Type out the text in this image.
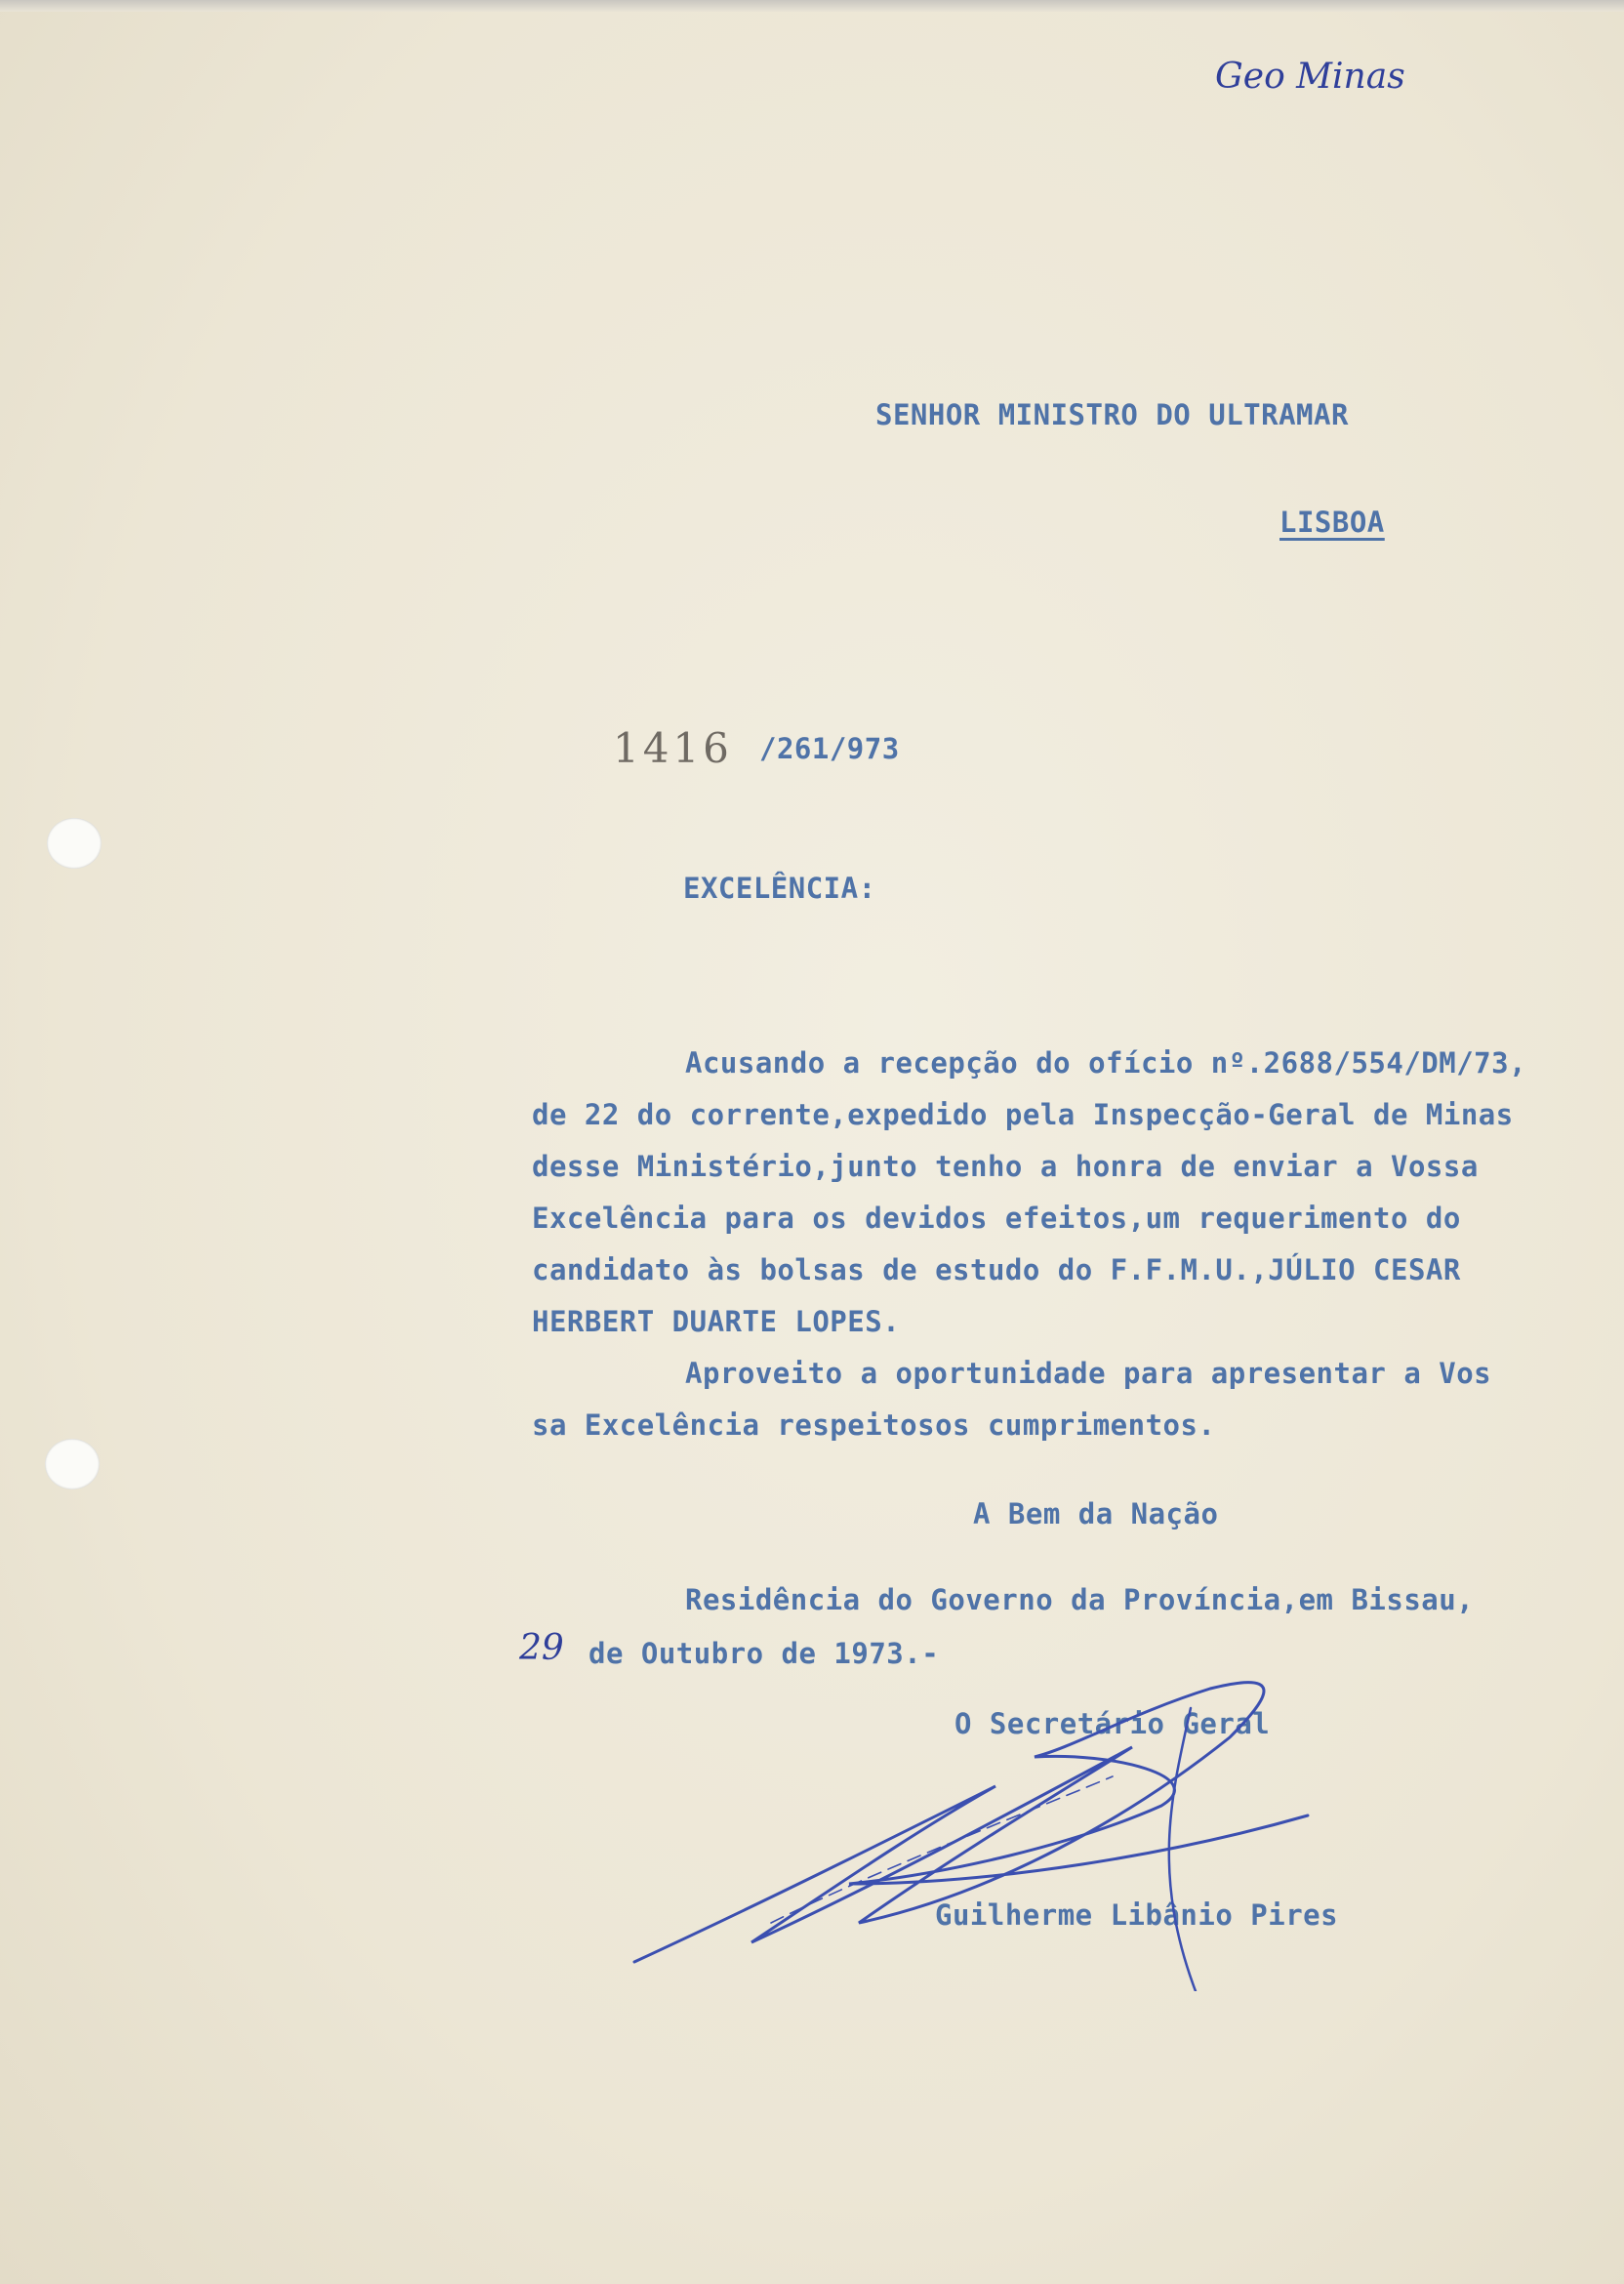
Geo Minas
SENHOR MINISTRO DO ULTRAMAR
LISBOA
1416 /261/973
EXCELÊNCIA:
Acusando a recepção do ofício nº.2688/554/DM/73,
de 22 do corrente,expedido pela Inspecção-Geral de Minas
desse Ministério,junto tenho a honra de enviar a Vossa
Excelência para os devidos efeitos,um requerimento do
candidato às bolsas de estudo do F.F.M.U.,JÚLIO CESAR
HERBERT DUARTE LOPES.
Aproveito a oportunidade para apresentar a Vos
sa Excelência respeitosos cumprimentos.
A Bem da Nação
Residência do Governo da Província,em Bissau,
29 de Outubro de 1973.-
O Secretário Geral
Guilherme Libânio Pires
